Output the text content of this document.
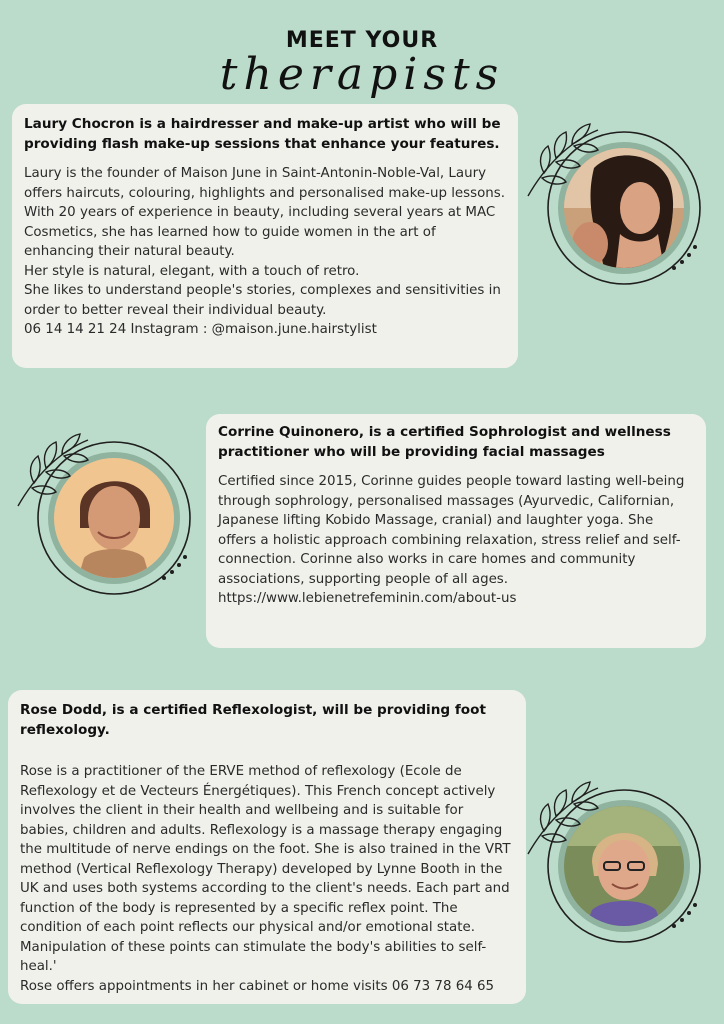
MEET YOUR
therapists
Laury Chocron is a hairdresser and make-up artist who will be providing flash make-up sessions that enhance your features.

Laury is the founder of Maison June in Saint-Antonin-Noble-Val, Laury offers haircuts, colouring, highlights and personalised make-up lessons.
With 20 years of experience in beauty, including several years at MAC Cosmetics, she has learned how to guide women in the art of enhancing their natural beauty.
Her style is natural, elegant, with a touch of retro.
She likes to understand people's stories, complexes and sensitivities in order to better reveal their individual beauty.
06 14 14 21 24 Instagram : @maison.june.hairstylist

Corrine Quinonero, is a certified Sophrologist and wellness practitioner who will be providing facial massages

Certified since 2015, Corinne guides people toward lasting well-being through sophrology, personalised massages (Ayurvedic, Californian, Japanese lifting Kobido Massage, cranial) and laughter yoga. She offers a holistic approach combining relaxation, stress relief and self-connection. Corinne also works in care homes and community associations, supporting people of all ages.
https://www.lebienetrefeminin.com/about-us

Rose Dodd, is a certified Reflexologist, will be providing foot reflexology.

Rose is a practitioner of the ERVE method of reflexology (Ecole de Reflexology et de Vecteurs Énergétiques). This French concept actively involves the client in their health and wellbeing and is suitable for babies, children and adults. Reflexology is a massage therapy engaging the multitude of nerve endings on the foot. She is also trained in the VRT method (Vertical Reflexology Therapy) developed by Lynne Booth in the UK and uses both systems according to the client's needs. Each part and function of the body is represented by a specific reflex point. The condition of each point reflects our physical and/or emotional state. Manipulation of these points can stimulate the body's abilities to self-heal.'
Rose offers appointments in her cabinet or home visits 06 73 78 64 65
